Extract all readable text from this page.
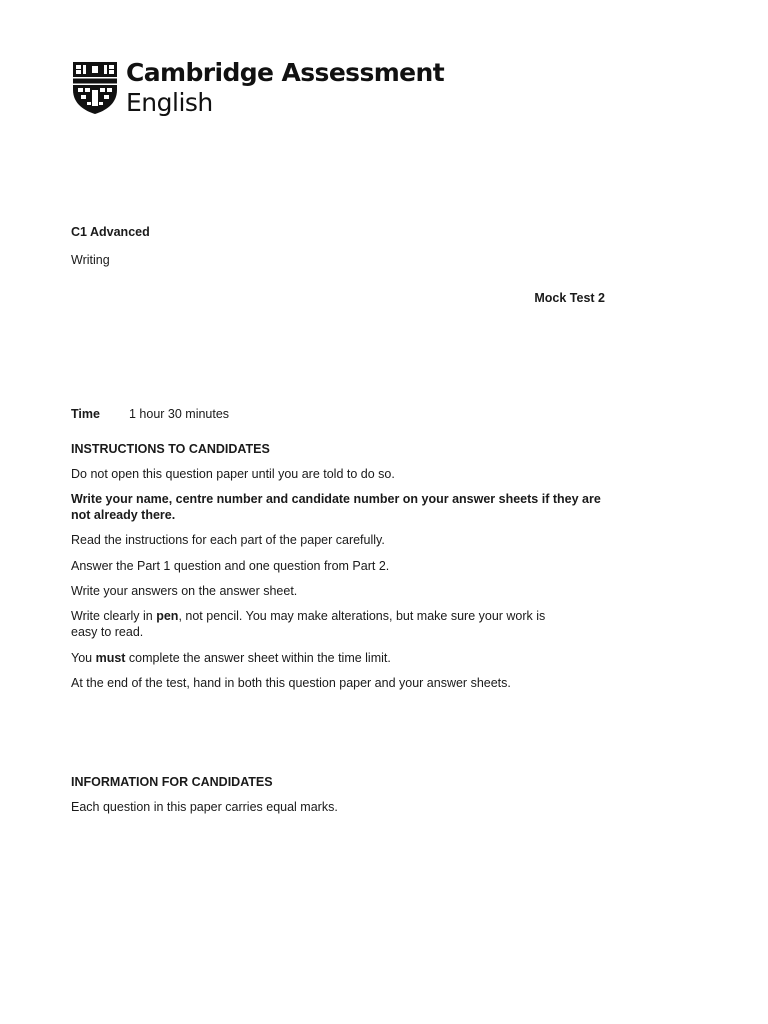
Cambridge Assessment
English

C1 Advanced

Writing

Mock Test 2

Time 1 hour 30 minutes

INSTRUCTIONS TO CANDIDATES

Do not open this question paper until you are told to do so.

Write your name, centre number and candidate number on your answer sheets if they are not already there.

Read the instructions for each part of the paper carefully.

Answer the Part 1 question and one question from Part 2.

Write your answers on the answer sheet.

Write clearly in pen, not pencil. You may make alterations, but make sure your work is easy to read.

You must complete the answer sheet within the time limit.

At the end of the test, hand in both this question paper and your answer sheets.

INFORMATION FOR CANDIDATES

Each question in this paper carries equal marks.
